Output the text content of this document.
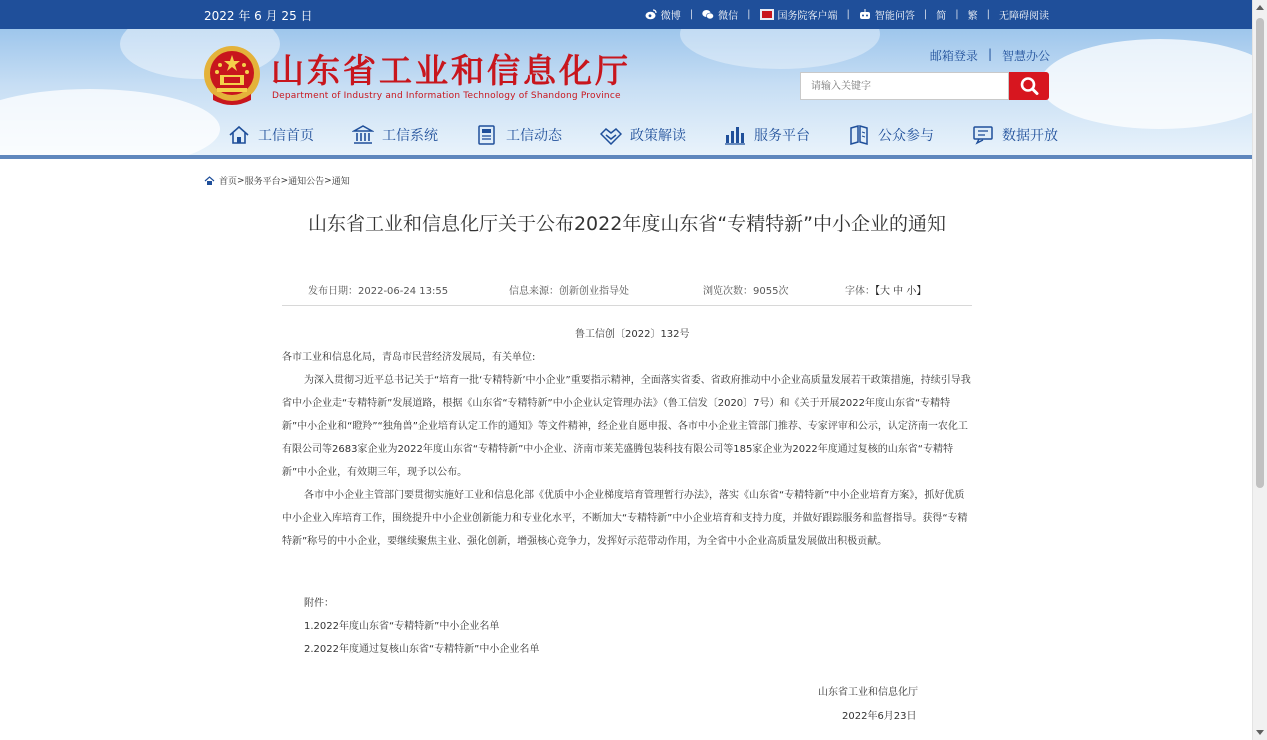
2022 年 6 月 25 日	微博 |	微信 |	国务院客户端 |	智能问答 | 简 | 繁 | 无障碍阅读
山东省工业和信息化厅
Department of Industry and Information Technology of Shandong Province
邮箱登录 | 智慧办公
请输入关键字
工信首页	工信系统	工信动态	政策解读	服务平台	公众参与	数据开放
首页 > 服务平台 > 通知公告 > 通知
山东省工业和信息化厅关于公布2022年度山东省“专精特新”中小企业的通知
发布日期：2022-06-24 13:55	信息来源：创新创业指导处	浏览次数：9055次	字体：【大 中 小】
鲁工信创〔2022〕132号

各市工业和信息化局，青岛市民营经济发展局，有关单位:

为深入贯彻习近平总书记关于“培育一批‘专精特新’中小企业”重要指示精神，全面落实省委、省政府推动中小企业高质量发展若干政策措施，持续引导我省中小企业走“专精特新”发展道路，根据《山东省“专精特新”中小企业认定管理办法》（鲁工信发〔2020〕7号）和《关于开展2022年度山东省“专精特新”中小企业和“瞪羚”“独角兽”企业培育认定工作的通知》等文件精神，经企业自愿申报、各市中小企业主管部门推荐、专家评审和公示，认定济南一农化工有限公司等2683家企业为2022年度山东省“专精特新”中小企业、济南市莱芜盛腾包装科技有限公司等185家企业为2022年度通过复核的山东省“专精特新”中小企业，有效期三年，现予以公布。

各市中小企业主管部门要贯彻实施好工业和信息化部《优质中小企业梯度培育管理暂行办法》，落实《山东省“专精特新”中小企业培育方案》，抓好优质中小企业入库培育工作，围绕提升中小企业创新能力和专业化水平，不断加大“专精特新”中小企业培育和支持力度，并做好跟踪服务和监督指导。获得“专精特新”称号的中小企业，要继续聚焦主业、强化创新，增强核心竞争力，发挥好示范带动作用，为全省中小企业高质量发展做出积极贡献。

附件：
1.2022年度山东省“专精特新”中小企业名单
2.2022年度通过复核山东省“专精特新”中小企业名单
山东省工业和信息化厅
2022年6月23日
